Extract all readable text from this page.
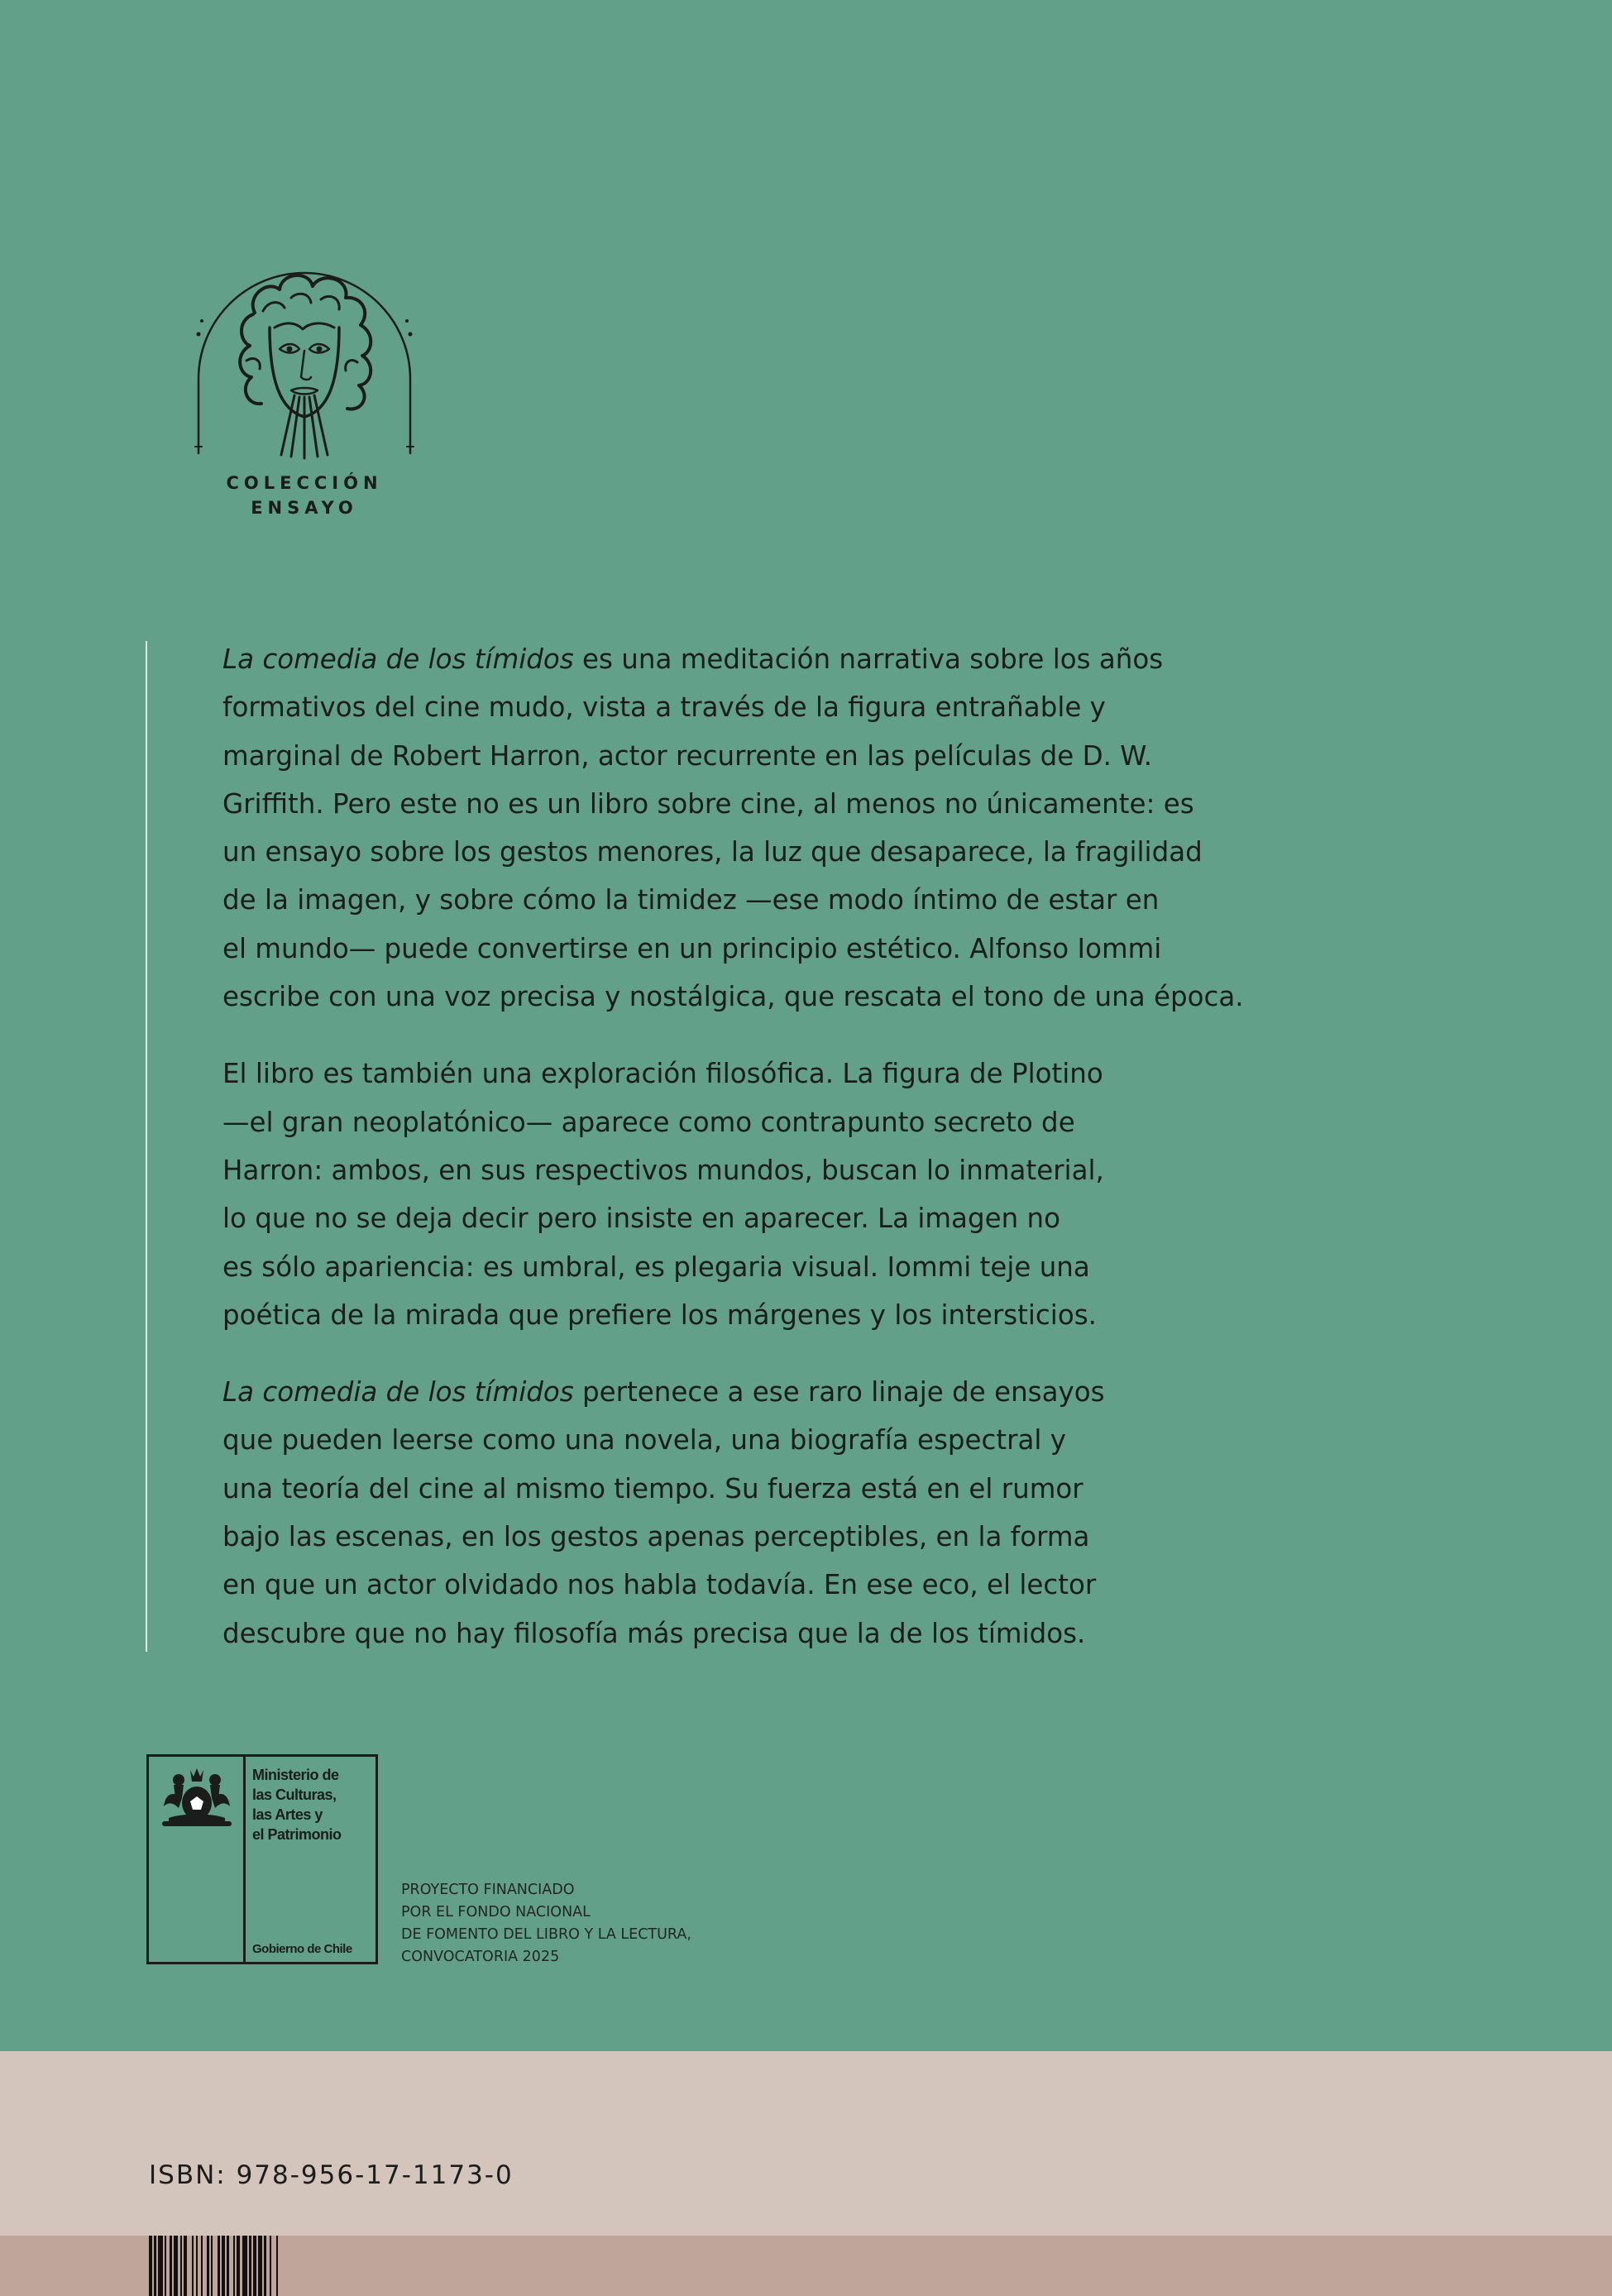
COLECCIÓN
ENSAYO

La comedia de los tímidos es una meditación narrativa sobre los años
formativos del cine mudo, vista a través de la figura entrañable y
marginal de Robert Harron, actor recurrente en las películas de D. W.
Griffith. Pero este no es un libro sobre cine, al menos no únicamente: es
un ensayo sobre los gestos menores, la luz que desaparece, la fragilidad
de la imagen, y sobre cómo la timidez —ese modo íntimo de estar en
el mundo— puede convertirse en un principio estético. Alfonso Iommi
escribe con una voz precisa y nostálgica, que rescata el tono de una época.

El libro es también una exploración filosófica. La figura de Plotino
—el gran neoplatónico— aparece como contrapunto secreto de
Harron: ambos, en sus respectivos mundos, buscan lo inmaterial,
lo que no se deja decir pero insiste en aparecer. La imagen no
es sólo apariencia: es umbral, es plegaria visual. Iommi teje una
poética de la mirada que prefiere los márgenes y los intersticios.

La comedia de los tímidos pertenece a ese raro linaje de ensayos
que pueden leerse como una novela, una biografía espectral y
una teoría del cine al mismo tiempo. Su fuerza está en el rumor
bajo las escenas, en los gestos apenas perceptibles, en la forma
en que un actor olvidado nos habla todavía. En ese eco, el lector
descubre que no hay filosofía más precisa que la de los tímidos.

Ministerio de
las Culturas,
las Artes y
el Patrimonio
Gobierno de Chile
PROYECTO FINANCIADO
POR EL FONDO NACIONAL
DE FOMENTO DEL LIBRO Y LA LECTURA,
CONVOCATORIA 2025
ISBN: 978-956-17-1173-0
